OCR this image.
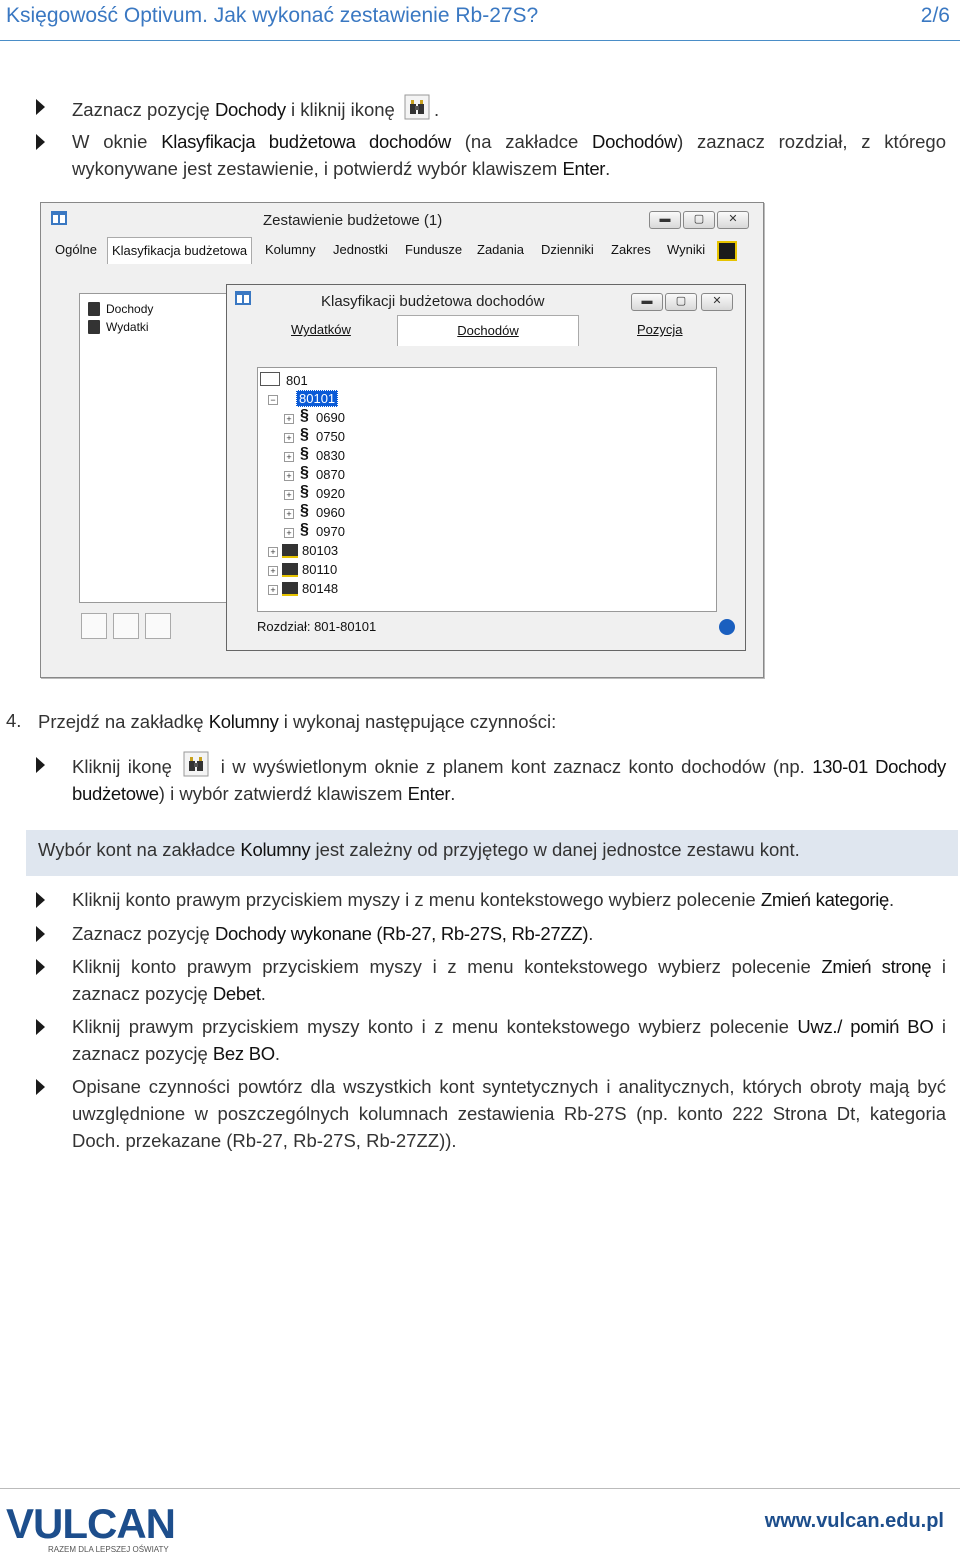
Księgowość Optivum. Jak wykonać zestawienie Rb-27S?	2/6
Zaznacz pozycję Dochody i kliknij ikonę .
W oknie Klasyfikacja budżetowa dochodów (na zakładce Dochodów) zaznacz rozdział, z którego wykonywane jest zestawienie, i potwierdź wybór klawiszem Enter.
Zestawienie budżetowe (1)	▬	▢	✕
Ogólne	Klasyfikacja budżetowa	Kolumny Jednostki Fundusze Zadania Dzienniki Zakres Wyniki
Dochody
Wydatki
Klasyfikacji budżetowa dochodów	▬	▢	✕
Wydatków	Dochodów	Pozycja
801
− 80101
+ § 0690
+ § 0750
+ § 0830
+ § 0870
+ § 0920
+ § 0960
+ § 0970
+ 80103
+ 80110
+ 80148
Rozdział: 801-80101
4. Przejdź na zakładkę Kolumny i wykonaj następujące czynności:
Kliknij ikonę  i w wyświetlonym oknie z planem kont zaznacz konto dochodów (np. 130-01 Dochody budżetowe) i wybór zatwierdź klawiszem Enter.
Wybór kont na zakładce Kolumny jest zależny od przyjętego w danej jednostce zestawu kont.
Kliknij konto prawym przyciskiem myszy i z menu kontekstowego wybierz polecenie Zmień kategorię.
Zaznacz pozycję Dochody wykonane (Rb-27, Rb-27S, Rb-27ZZ).
Kliknij konto prawym przyciskiem myszy i z menu kontekstowego wybierz polecenie Zmień stronę i zaznacz pozycję Debet.
Kliknij prawym przyciskiem myszy konto i z menu kontekstowego wybierz polecenie Uwz./ pomiń BO i zaznacz pozycję Bez BO.
Opisane czynności powtórz dla wszystkich kont syntetycznych i analitycznych, których obroty mają być uwzględnione w poszczególnych kolumnach zestawienia Rb-27S (np. konto 222 Strona Dt, kategoria Doch. przekazane (Rb-27, Rb-27S, Rb-27ZZ)).
VULCAN
RAZEM DLA LEPSZEJ OŚWIATY
www.vulcan.edu.pl
